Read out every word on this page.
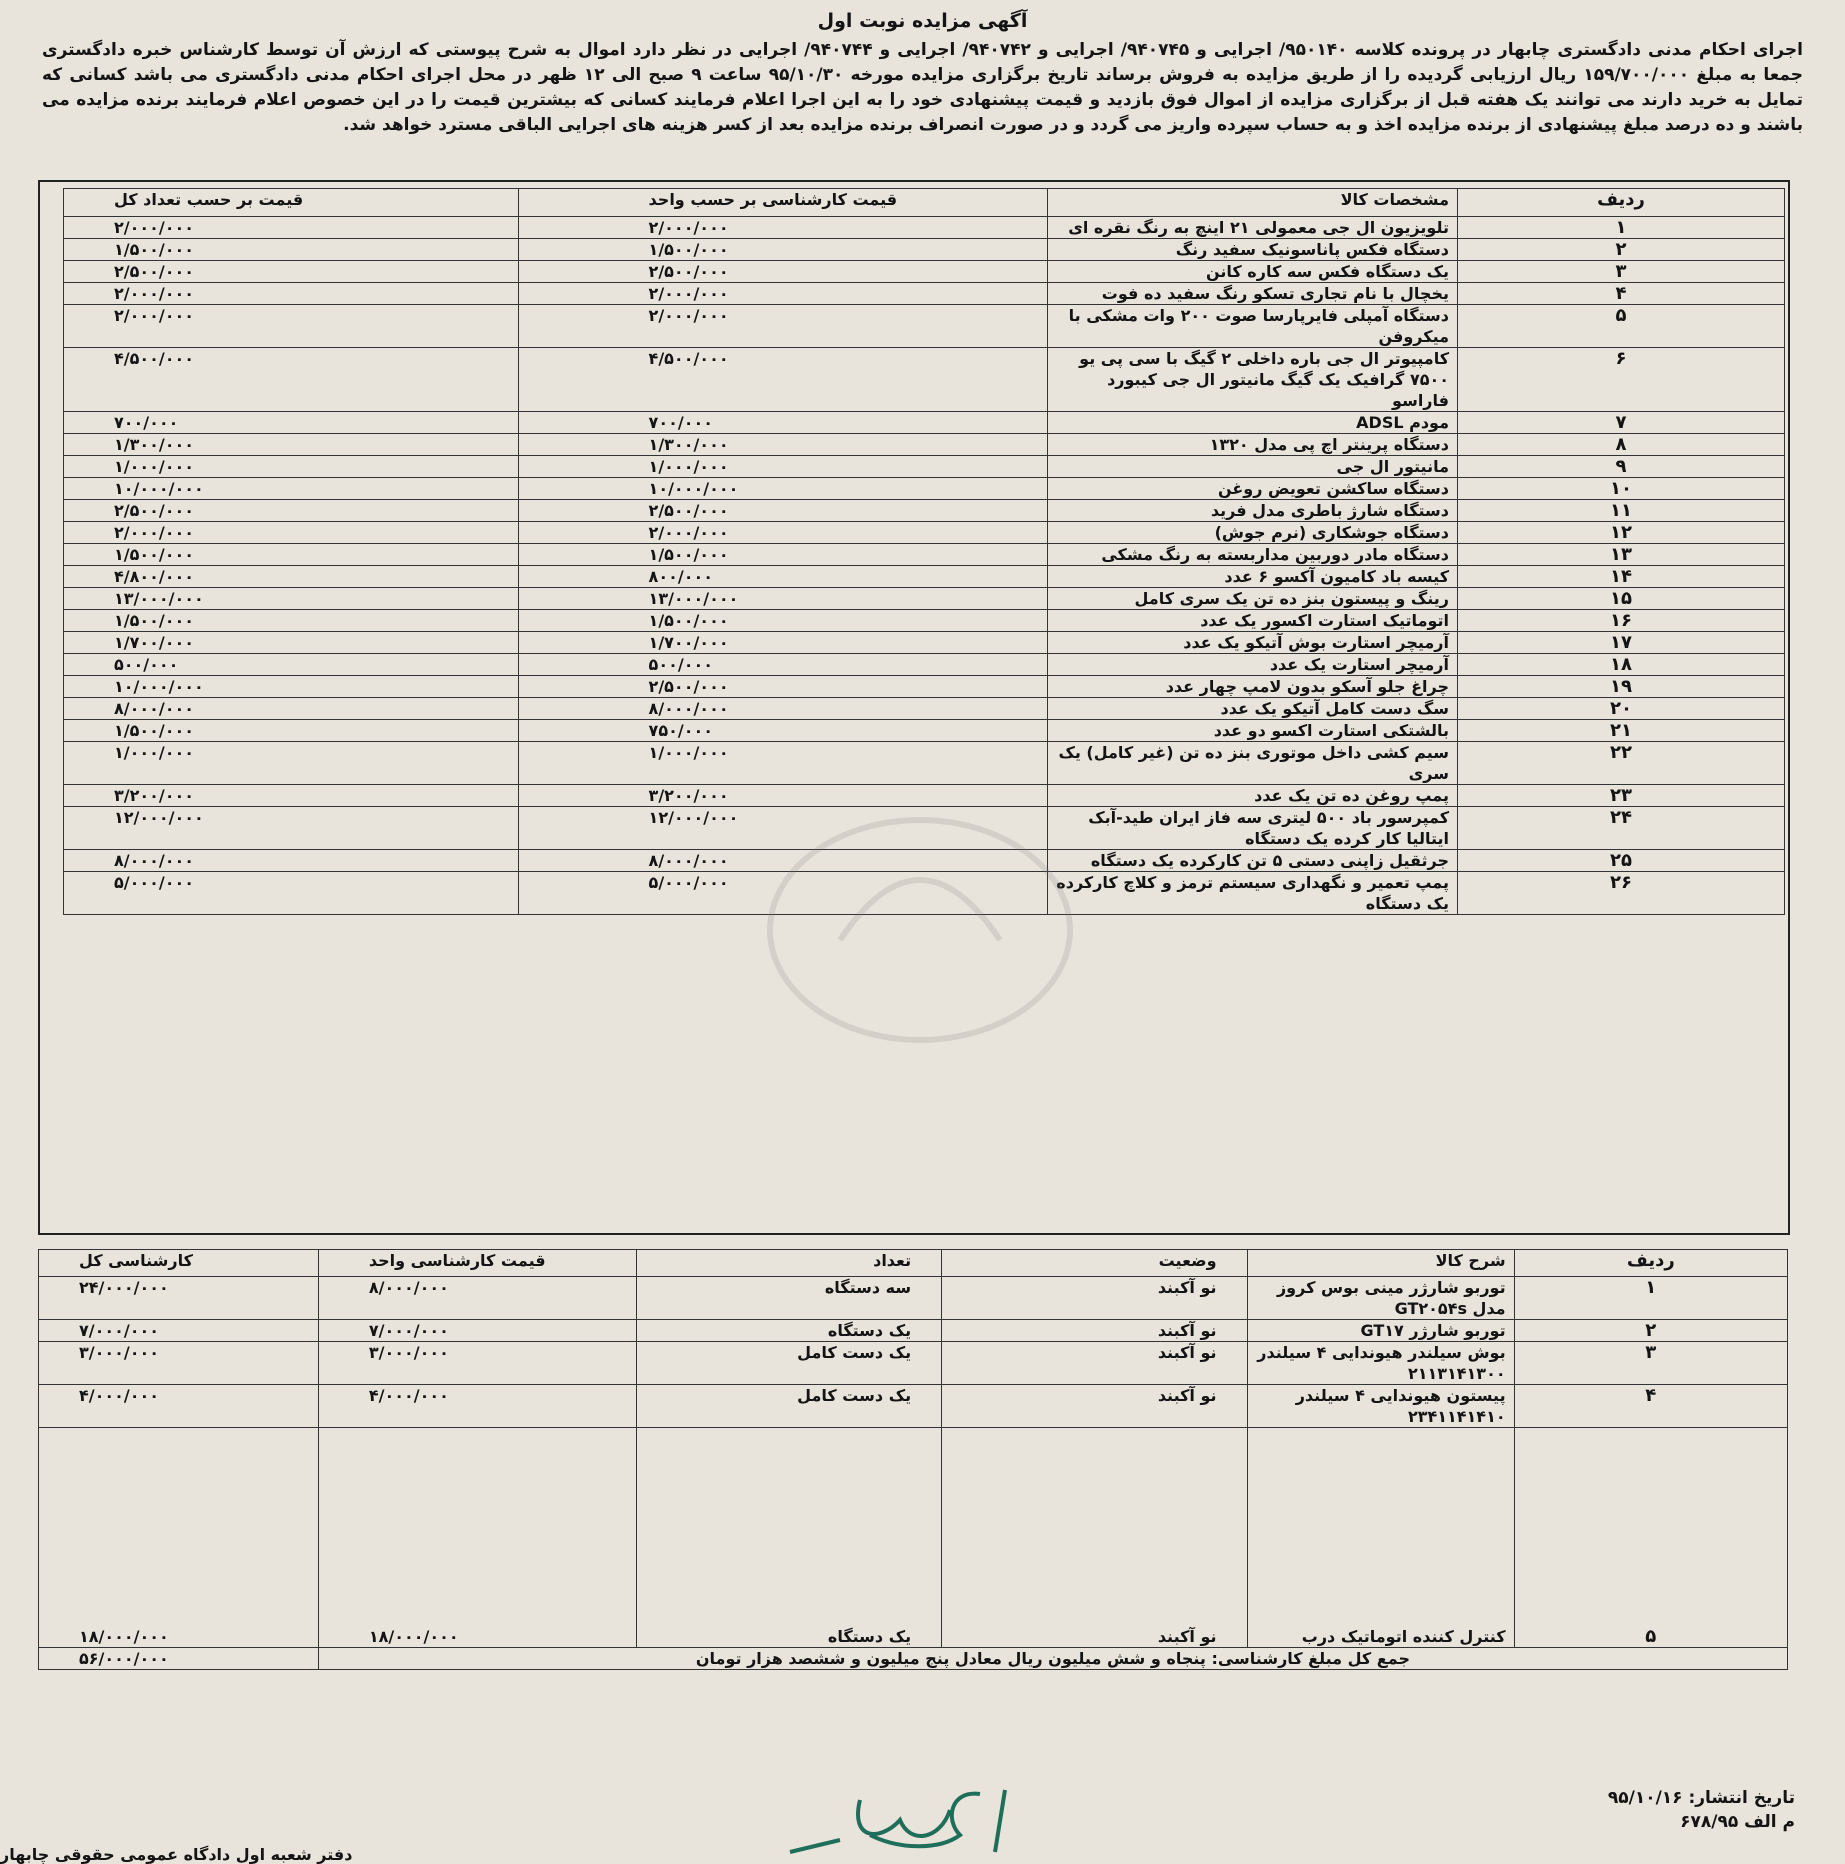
آگهی مزایده نوبت اول
اجرای احکام مدنی دادگستری چابهار در پرونده کلاسه ۹۵۰۱۴۰/ اجرایی و ۹۴۰۷۴۵/ اجرایی و ۹۴۰۷۴۲/ اجرایی و ۹۴۰۷۴۴/ اجرایی در نظر دارد اموال به شرح پیوستی که ارزش آن توسط کارشناس خبره دادگستری جمعا به مبلغ ۱۵۹/۷۰۰/۰۰۰ ریال ارزیابی گردیده را از طریق مزایده به فروش برساند تاریخ برگزاری مزایده مورخه ۹۵/۱۰/۳۰ ساعت ۹ صبح الی ۱۲ ظهر در محل اجرای احکام مدنی دادگستری می باشد کسانی که تمایل به خرید دارند می توانند یک هفته قبل از برگزاری مزایده از اموال فوق بازدید و قیمت پیشنهادی خود را به این اجرا اعلام فرمایند کسانی که بیشترین قیمت را در این خصوص اعلام فرمایند برنده مزایده می باشند و ده درصد مبلغ پیشنهادی از برنده مزایده اخذ و به حساب سپرده واریز می گردد و در صورت انصراف برنده مزایده بعد از کسر هزینه های اجرایی الباقی مسترد خواهد شد.
ردیف	مشخصات کالا	قیمت کارشناسی بر حسب واحد	قیمت بر حسب تعداد کل
۱	تلویزیون ال جی معمولی ۲۱ اینچ به رنگ نقره ای	۲/۰۰۰/۰۰۰	۲/۰۰۰/۰۰۰
۲	دستگاه فکس پاناسونیک سفید رنگ	۱/۵۰۰/۰۰۰	۱/۵۰۰/۰۰۰
۳	یک دستگاه فکس سه کاره کانن	۲/۵۰۰/۰۰۰	۲/۵۰۰/۰۰۰
۴	یخچال با نام تجاری تسکو رنگ سفید ده فوت	۲/۰۰۰/۰۰۰	۲/۰۰۰/۰۰۰
۵	دستگاه آمپلی فایرپارسا صوت ۲۰۰ وات مشکی با میکروفن	۲/۰۰۰/۰۰۰	۲/۰۰۰/۰۰۰
۶	کامپیوتر ال جی باره داخلی ۲ گیگ با سی پی یو ۷۵۰۰ گرافیک یک گیگ مانیتور ال جی کیبورد فاراسو	۴/۵۰۰/۰۰۰	۴/۵۰۰/۰۰۰
۷	مودم ADSL	۷۰۰/۰۰۰	۷۰۰/۰۰۰
۸	دستگاه پرینتر اچ پی مدل ۱۳۲۰	۱/۳۰۰/۰۰۰	۱/۳۰۰/۰۰۰
۹	مانیتور ال جی	۱/۰۰۰/۰۰۰	۱/۰۰۰/۰۰۰
۱۰	دستگاه ساکشن تعویض روغن	۱۰/۰۰۰/۰۰۰	۱۰/۰۰۰/۰۰۰
۱۱	دستگاه شارژ باطری مدل فرید	۲/۵۰۰/۰۰۰	۲/۵۰۰/۰۰۰
۱۲	دستگاه جوشکاری (نرم جوش)	۲/۰۰۰/۰۰۰	۲/۰۰۰/۰۰۰
۱۳	دستگاه مادر دوربین مداربسته به رنگ مشکی	۱/۵۰۰/۰۰۰	۱/۵۰۰/۰۰۰
۱۴	کیسه باد کامیون آکسو ۶ عدد	۸۰۰/۰۰۰	۴/۸۰۰/۰۰۰
۱۵	رینگ و پیستون بنز ده تن یک سری کامل	۱۳/۰۰۰/۰۰۰	۱۳/۰۰۰/۰۰۰
۱۶	اتوماتیک استارت اکسور یک عدد	۱/۵۰۰/۰۰۰	۱/۵۰۰/۰۰۰
۱۷	آرمیچر استارت بوش آتیکو یک عدد	۱/۷۰۰/۰۰۰	۱/۷۰۰/۰۰۰
۱۸	آرمیچر استارت یک عدد	۵۰۰/۰۰۰	۵۰۰/۰۰۰
۱۹	چراغ جلو آسکو بدون لامپ چهار عدد	۲/۵۰۰/۰۰۰	۱۰/۰۰۰/۰۰۰
۲۰	سگ دست کامل آتیکو یک عدد	۸/۰۰۰/۰۰۰	۸/۰۰۰/۰۰۰
۲۱	بالشتکی استارت اکسو دو عدد	۷۵۰/۰۰۰	۱/۵۰۰/۰۰۰
۲۲	سیم کشی داخل موتوری بنز ده تن (غیر کامل) یک سری	۱/۰۰۰/۰۰۰	۱/۰۰۰/۰۰۰
۲۳	پمپ روغن ده تن یک عدد	۳/۲۰۰/۰۰۰	۳/۲۰۰/۰۰۰
۲۴	کمپرسور باد ۵۰۰ لیتری سه فاز ایران طید-آبک ایتالیا کار کرده یک دستگاه	۱۲/۰۰۰/۰۰۰	۱۲/۰۰۰/۰۰۰
۲۵	جرثقیل زاپنی دستی ۵ تن کارکرده یک دستگاه	۸/۰۰۰/۰۰۰	۸/۰۰۰/۰۰۰
۲۶	پمپ تعمیر و نگهداری سیستم ترمز و کلاچ کارکرده یک دستگاه	۵/۰۰۰/۰۰۰	۵/۰۰۰/۰۰۰
ردیف	شرح کالا	وضعیت	تعداد	قیمت کارشناسی واحد	کارشناسی کل
۱	توربو شارژر مینی بوس کروز مدل GT۲۰۵۴s	نو آکبند	سه دستگاه	۸/۰۰۰/۰۰۰	۲۴/۰۰۰/۰۰۰
۲	توربو شارژر GT۱۷	نو آکبند	یک دستگاه	۷/۰۰۰/۰۰۰	۷/۰۰۰/۰۰۰
۳	بوش سیلندر هیوندایی ۴ سیلندر ۲۱۱۳۱۴۱۳۰۰	نو آکبند	یک دست کامل	۳/۰۰۰/۰۰۰	۳/۰۰۰/۰۰۰
۴	پیستون هیوندایی ۴ سیلندر ۲۳۴۱۱۴۱۴۱۰	نو آکبند	یک دست کامل	۴/۰۰۰/۰۰۰	۴/۰۰۰/۰۰۰
۵	کنترل کننده اتوماتیک درب	نو آکبند	یک دستگاه	۱۸/۰۰۰/۰۰۰	۱۸/۰۰۰/۰۰۰
جمع کل مبلغ کارشناسی: پنجاه و شش میلیون ریال معادل پنج میلیون و ششصد هزار تومان					۵۶/۰۰۰/۰۰۰
تاریخ انتشار: ۹۵/۱۰/۱۶
م الف ۶۷۸/۹۵
دفتر شعبه اول دادگاه عمومی حقوقی چابهار
